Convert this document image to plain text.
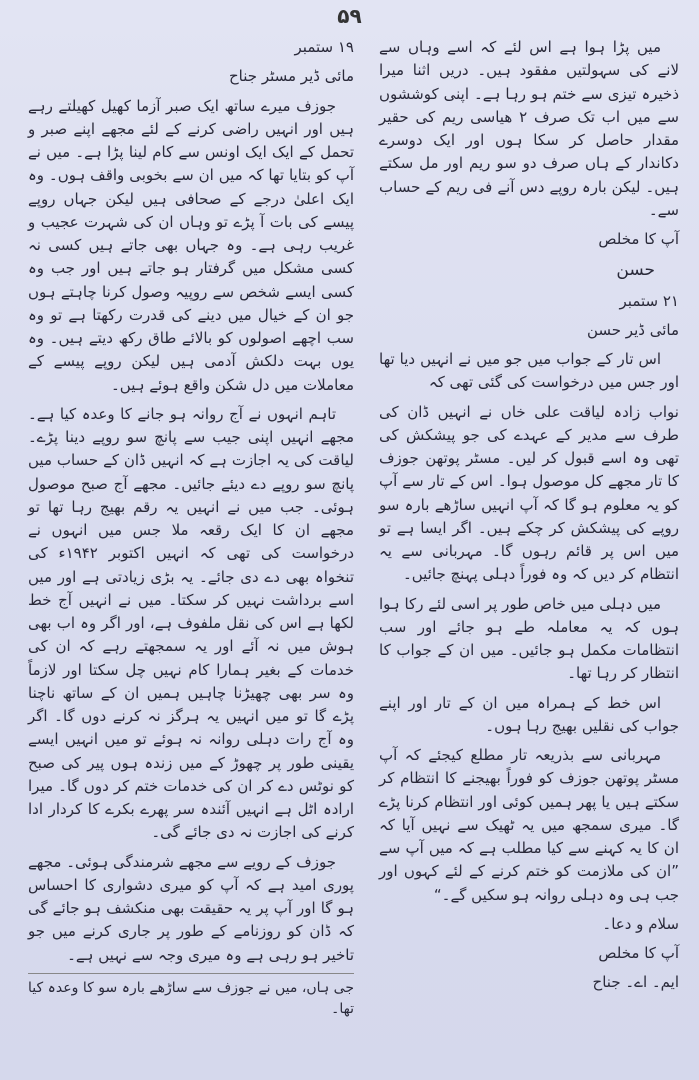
۵۹

میں پڑا ہوا ہے اس لئے کہ اسے وہاں سے لانے کی سہولتیں مفقود ہیں۔ دریں اثنا میرا ذخیرہ تیزی سے ختم ہو رہا ہے۔ اپنی کوششوں سے میں اب تک صرف ۲ ھیاسی ریم کی حقیر مقدار حاصل کر سکا ہوں اور ایک دوسرے دکاندار کے ہاں صرف دو سو ریم اور مل سکتے ہیں۔ لیکن بارہ روپے دس آنے فی ریم کے حساب سے۔

آپ کا مخلص

حسن

۲۱ ستمبر

مائی ڈیر حسن

اس تار کے جواب میں جو میں نے انہیں دیا تھا اور جس میں درخواست کی گئی تھی کہ

نواب زادہ لیاقت علی خاں نے انہیں ڈان کی طرف سے مدیر کے عہدے کی جو پیشکش کی تھی وہ اسے قبول کر لیں۔ مسٹر پوتھن جوزف کا تار مجھے کل موصول ہوا۔ اس کے تار سے آپ کو یہ معلوم ہو گا کہ آپ انہیں ساڑھے بارہ سو روپے کی پیشکش کر چکے ہیں۔ اگر ایسا ہے تو میں اس پر قائم رہوں گا۔ مہربانی سے یہ انتظام کر دیں کہ وہ فوراً دہلی پہنچ جائیں۔

میں دہلی میں خاص طور پر اسی لئے رکا ہوا ہوں کہ یہ معاملہ طے ہو جائے اور سب انتظامات مکمل ہو جائیں۔ میں ان کے جواب کا انتظار کر رہا تھا۔

اس خط کے ہمراہ میں ان کے تار اور اپنے جواب کی نقلیں بھیج رہا ہوں۔

مہربانی سے بذریعہ تار مطلع کیجئے کہ آپ مسٹر پوتھن جوزف کو فوراً بھیجنے کا انتظام کر سکتے ہیں یا پھر ہمیں کوئی اور انتظام کرنا پڑے گا۔ میری سمجھ میں یہ ٹھیک سے نہیں آیا کہ ان کا یہ کہنے سے کیا مطلب ہے کہ میں آپ سے ”ان کی ملازمت کو ختم کرنے کے لئے کہوں اور جب ہی وہ دہلی روانہ ہو سکیں گے۔“

سلام و دعا۔

آپ کا مخلص

ایم۔ اے۔ جناح

۱۹ ستمبر

مائی ڈیر مسٹر جناح

جوزف میرے ساتھ ایک صبر آزما کھیل کھیلتے رہے ہیں اور انہیں راضی کرنے کے لئے مجھے اپنے صبر و تحمل کے ایک ایک اونس سے کام لینا پڑا ہے۔ میں نے آپ کو بتایا تھا کہ میں ان سے بخوبی واقف ہوں۔ وہ ایک اعلیٰ درجے کے صحافی ہیں لیکن جہاں روپے پیسے کی بات آ پڑے تو وہاں ان کی شہرت عجیب و غریب رہی ہے۔ وہ جہاں بھی جاتے ہیں کسی نہ کسی مشکل میں گرفتار ہو جاتے ہیں اور جب وہ کسی ایسے شخص سے روپیہ وصول کرنا چاہتے ہوں جو ان کے خیال میں دینے کی قدرت رکھتا ہے تو وہ سب اچھے اصولوں کو بالائے طاق رکھ دیتے ہیں۔ وہ یوں بہت دلکش آدمی ہیں لیکن روپے پیسے کے معاملات میں دل شکن واقع ہوئے ہیں۔

تاہم انہوں نے آج روانہ ہو جانے کا وعدہ کیا ہے۔ مجھے انہیں اپنی جیب سے پانچ سو روپے دینا پڑے۔ لیاقت کی یہ اجازت ہے کہ انہیں ڈان کے حساب میں پانچ سو روپے دے دیئے جائیں۔ مجھے آج صبح موصول ہوئی۔ جب میں نے انہیں یہ رقم بھیج رہا تھا تو مجھے ان کا ایک رقعہ ملا جس میں انہوں نے درخواست کی تھی کہ انہیں اکتوبر ۱۹۴۲ء کی تنخواہ بھی دے دی جائے۔ یہ بڑی زیادتی ہے اور میں اسے برداشت نہیں کر سکتا۔ میں نے انہیں آج خط لکھا ہے اس کی نقل ملفوف ہے، اور اگر وہ اب بھی ہوش میں نہ آئے اور یہ سمجھتے رہے کہ ان کی خدمات کے بغیر ہمارا کام نہیں چل سکتا اور لازماً وہ سر بھی چھیڑنا چاہیں ہمیں ان کے ساتھ ناچنا پڑے گا تو میں انہیں یہ ہرگز نہ کرنے دوں گا۔ اگر وہ آج رات دہلی روانہ نہ ہوئے تو میں انہیں ایسے یقینی طور پر چھوڑ کے میں زندہ ہوں پیر کی صبح کو نوٹس دے کر ان کی خدمات ختم کر دوں گا۔ میرا ارادہ اٹل ہے انہیں آئندہ سر پھرے بکرے کا کردار ادا کرنے کی اجازت نہ دی جائے گی۔

جوزف کے رویے سے مجھے شرمندگی ہوئی۔ مجھے پوری امید ہے کہ آپ کو میری دشواری کا احساس ہو گا اور آپ پر یہ حقیقت بھی منکشف ہو جائے گی کہ ڈان کو روزنامے کے طور پر جاری کرنے میں جو تاخیر ہو رہی ہے وہ میری وجہ سے نہیں ہے۔

جی ہاں، میں نے جوزف سے ساڑھے بارہ سو کا وعدہ کیا تھا۔
